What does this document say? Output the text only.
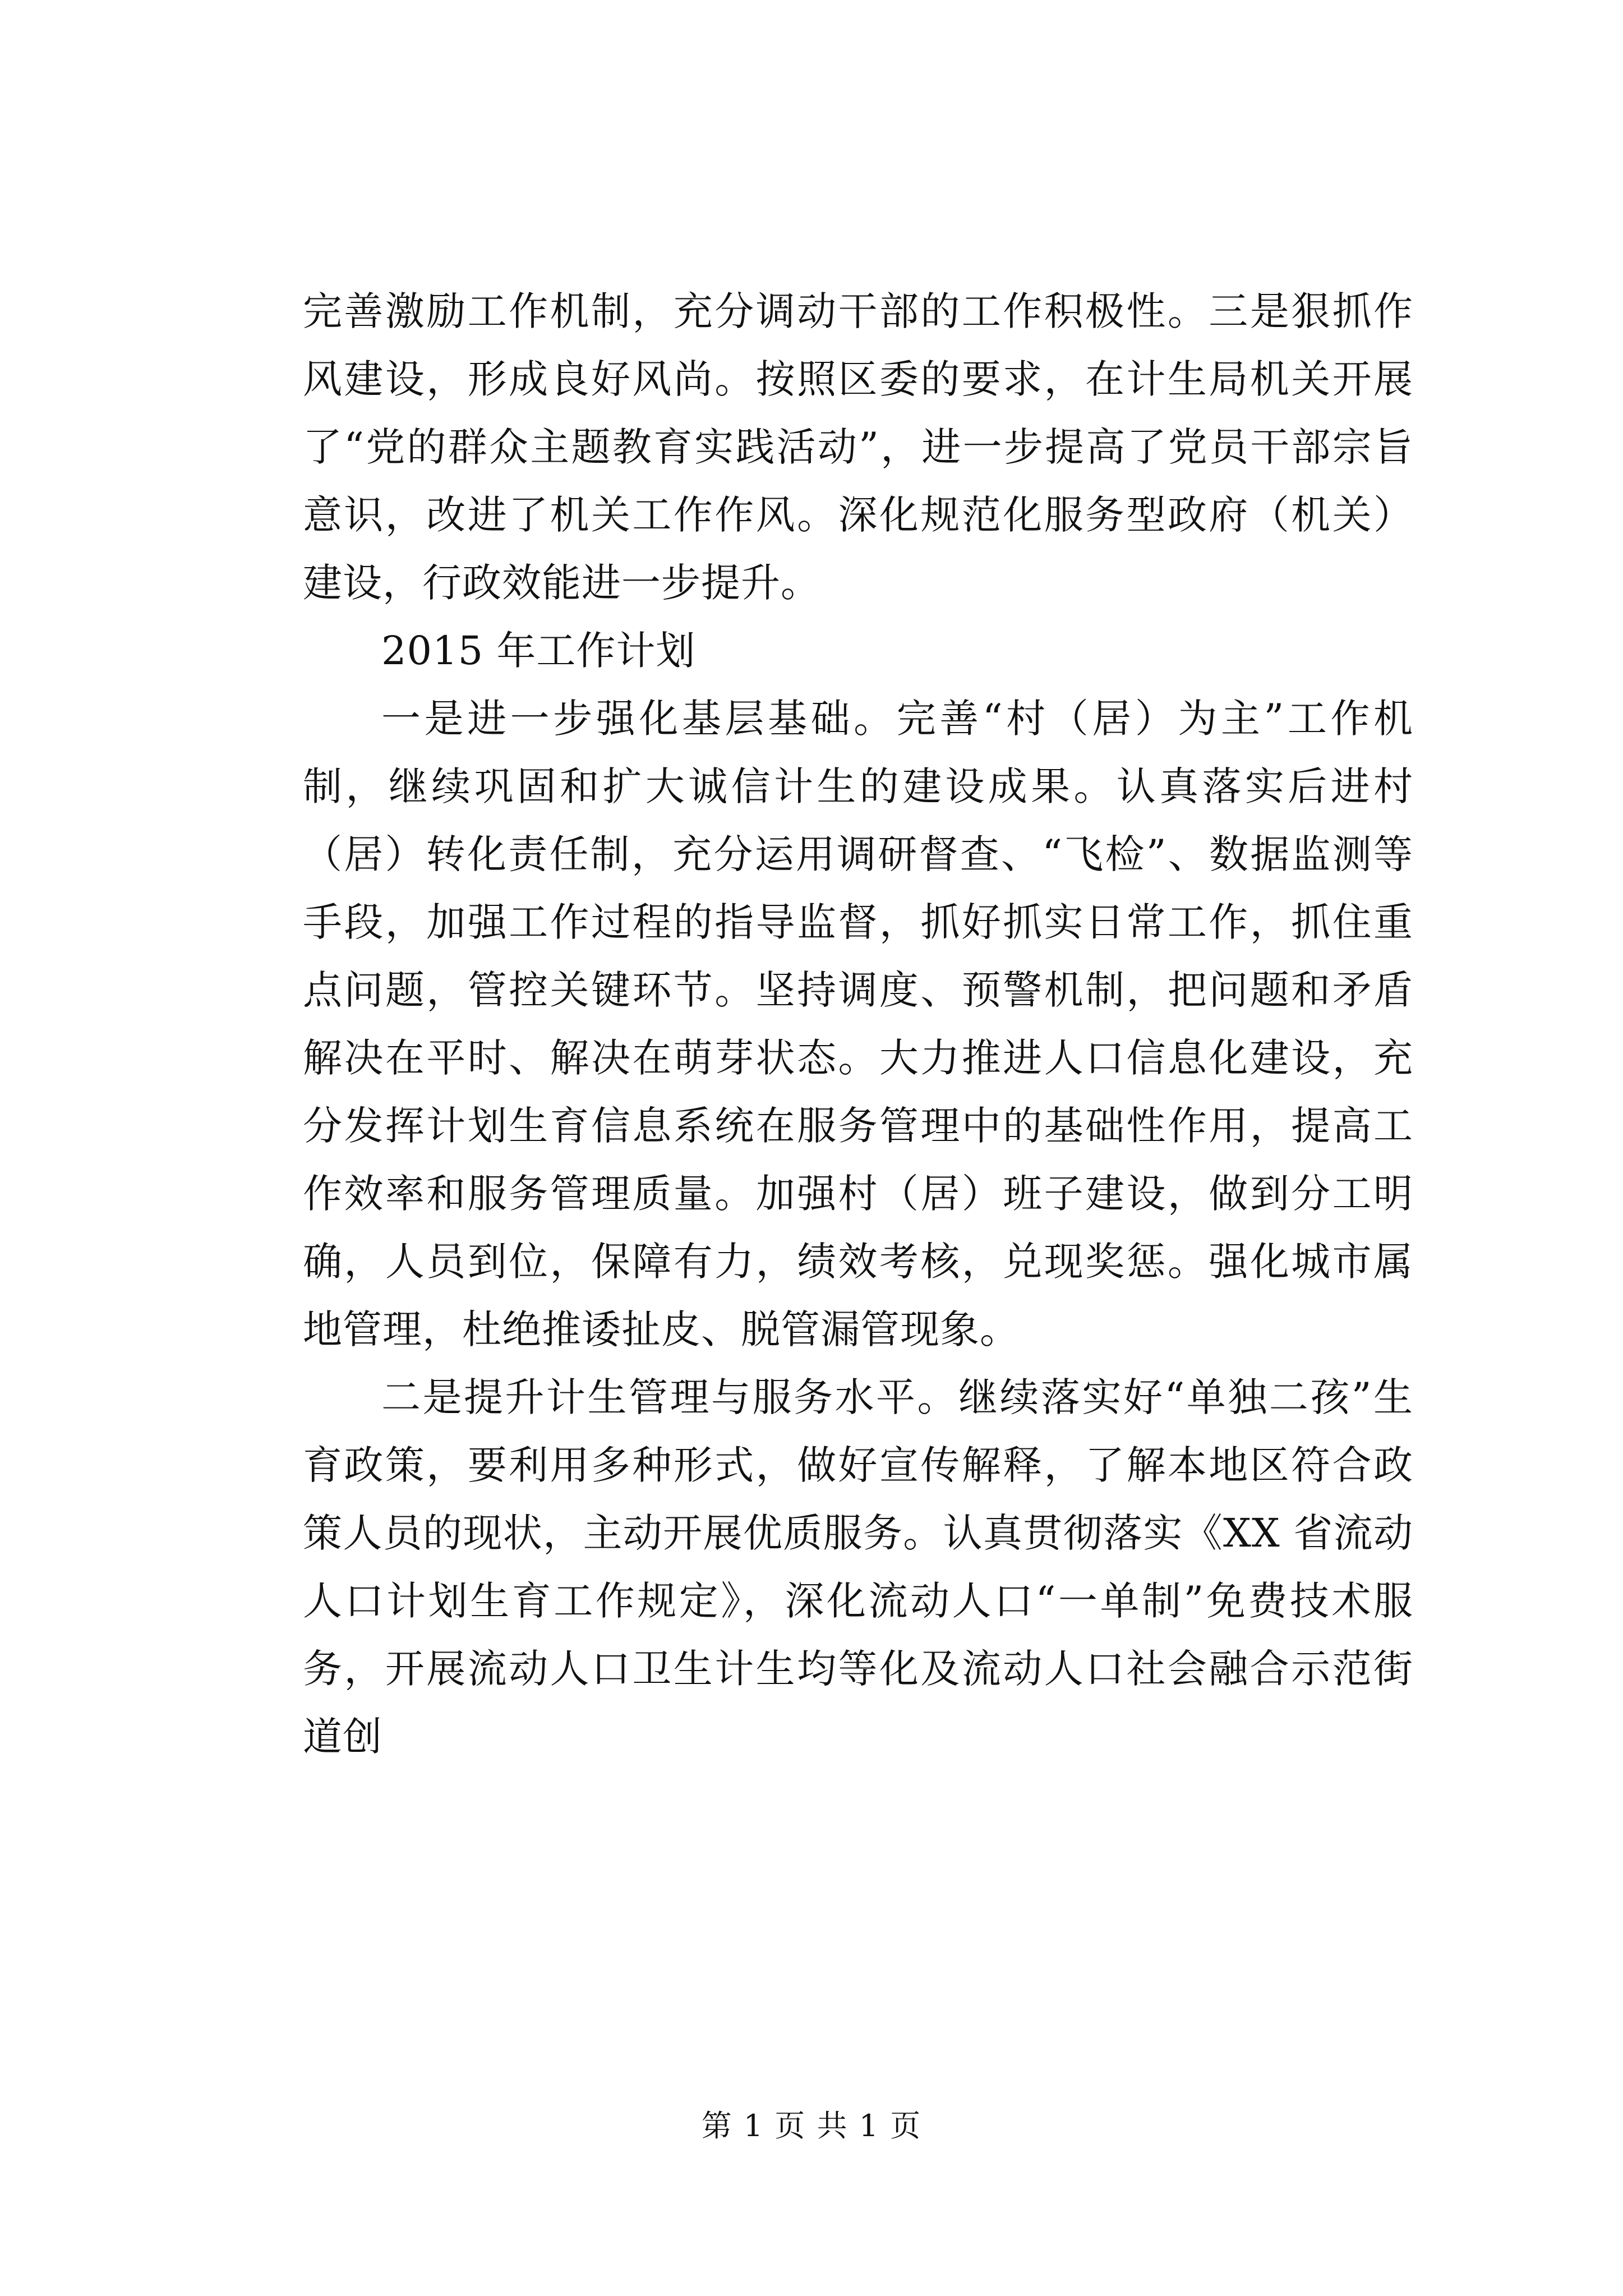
完善激励工作机制，充分调动干部的工作积极性。三是狠抓作风建设，形成良好风尚。按照区委的要求，在计生局机关开展了“党的群众主题教育实践活动”，进一步提高了党员干部宗旨意识，改进了机关工作作风。深化规范化服务型政府（机关）建设，行政效能进一步提升。

2015 年工作计划

一是进一步强化基层基础。完善“村（居）为主”工作机制，继续巩固和扩大诚信计生的建设成果。认真落实后进村（居）转化责任制，充分运用调研督查、“飞检”、数据监测等手段，加强工作过程的指导监督，抓好抓实日常工作，抓住重点问题，管控关键环节。坚持调度、预警机制，把问题和矛盾解决在平时、解决在萌芽状态。大力推进人口信息化建设，充分发挥计划生育信息系统在服务管理中的基础性作用，提高工作效率和服务管理质量。加强村（居）班子建设，做到分工明确，人员到位，保障有力，绩效考核，兑现奖惩。强化城市属地管理，杜绝推诿扯皮、脱管漏管现象。

二是提升计生管理与服务水平。继续落实好“单独二孩”生育政策，要利用多种形式，做好宣传解释，了解本地区符合政策人员的现状，主动开展优质服务。认真贯彻落实《XX 省流动人口计划生育工作规定》，深化流动人口“一单制”免费技术服务，开展流动人口卫生计生均等化及流动人口社会融合示范街道创

第 1 页 共 1 页
